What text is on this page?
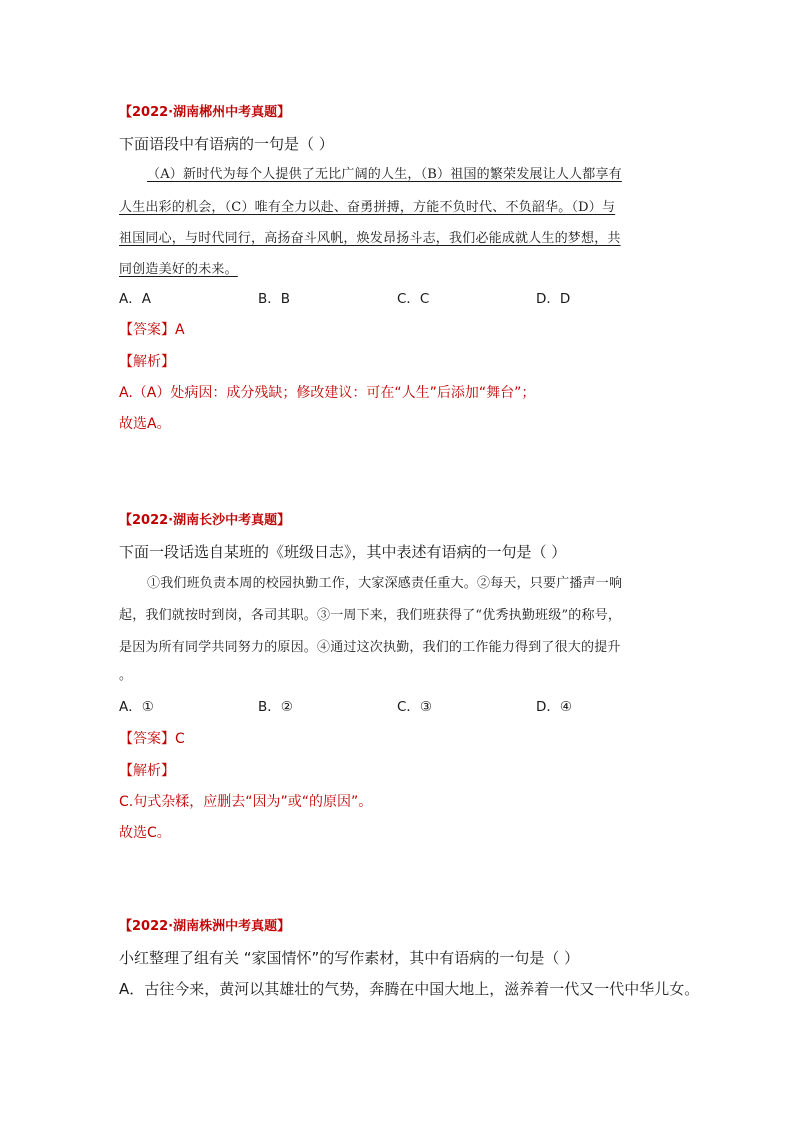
【2022·湖南郴州中考真题】
下面语段中有语病的一句是（ ）
（A）新时代为每个人提供了无比广阔的人生，（B）祖国的繁荣发展让人人都享有
人生出彩的机会，（C）唯有全力以赴、奋勇拼搏，方能不负时代、不负韶华。（D）与
祖国同心，与时代同行，高扬奋斗风帆，焕发昂扬斗志，我们必能成就人生的梦想，共
同创造美好的未来。
A．A	B．B	C．C	D．D
【答案】A
【解析】
A.（A）处病因：成分残缺；修改建议：可在“人生”后添加“舞台”；
故选A。
【2022·湖南长沙中考真题】
下面一段话选自某班的《班级日志》，其中表述有语病的一句是（ ）
①我们班负责本周的校园执勤工作，大家深感责任重大。②每天，只要广播声一响
起，我们就按时到岗，各司其职。③一周下来，我们班获得了“优秀执勤班级”的称号，
是因为所有同学共同努力的原因。④通过这次执勤，我们的工作能力得到了很大的提升
。
A．①	B．②	C．③	D．④
【答案】C
【解析】
C.句式杂糅，应删去“因为”或“的原因”。
故选C。
【2022·湖南株洲中考真题】
小红整理了组有关 “家国情怀”的写作素材，其中有语病的一句是（ ）
A．古往今来，黄河以其雄壮的气势，奔腾在中国大地上，滋养着一代又一代中华儿女。
